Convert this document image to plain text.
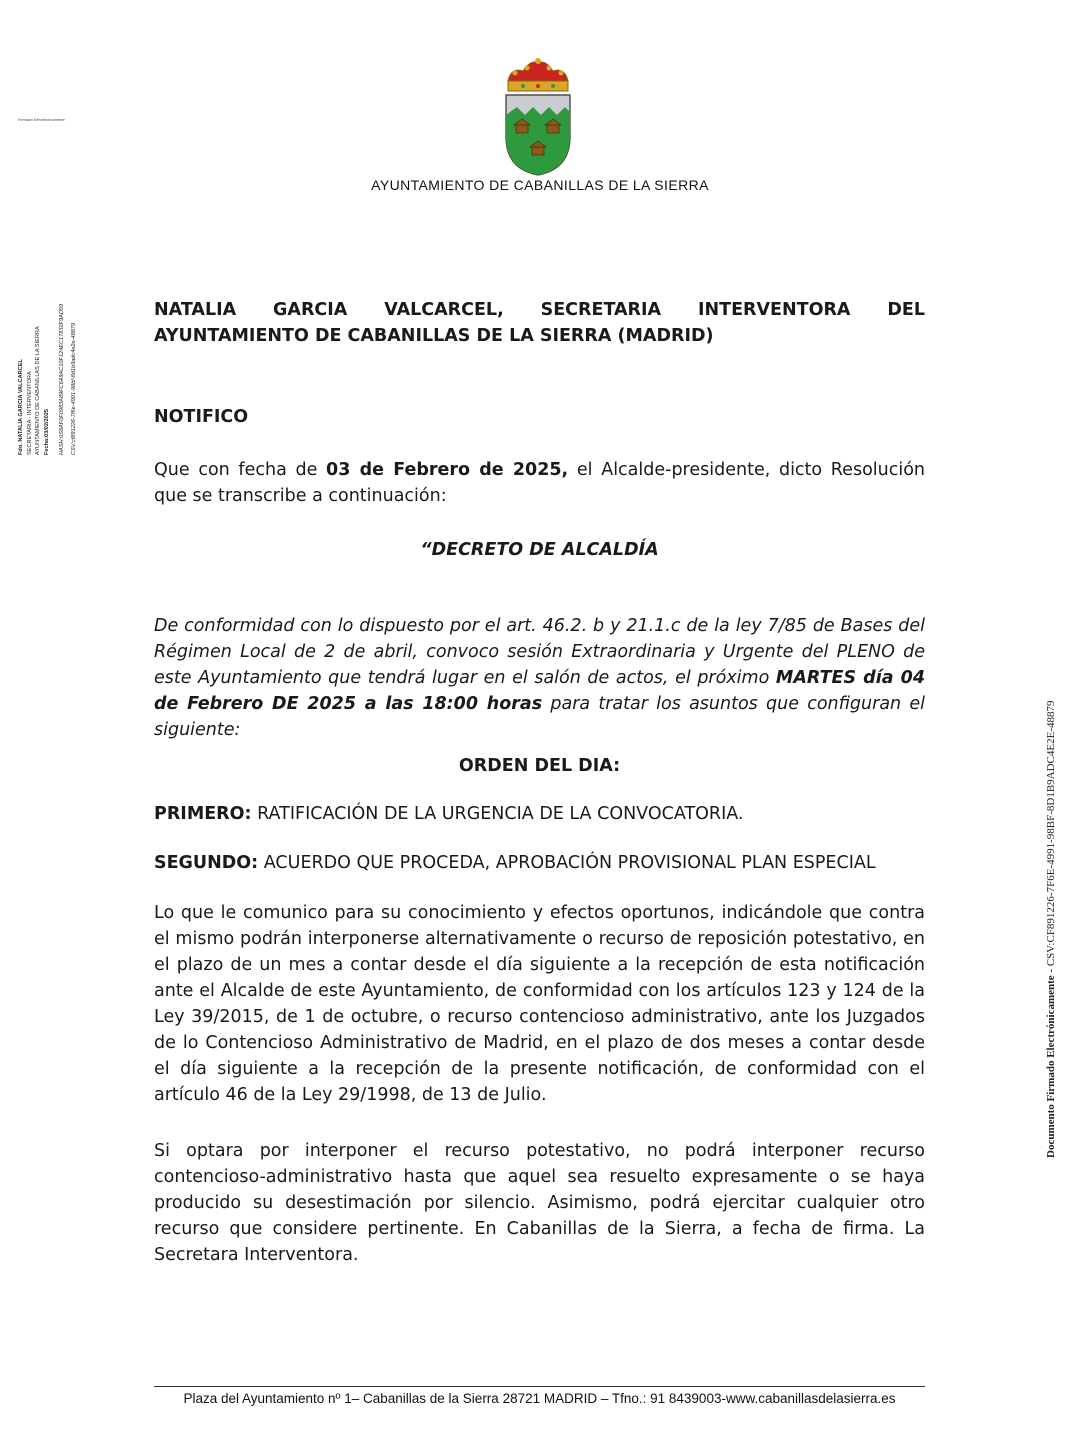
Firmado Electrónicamente
Fdo. NATALIA GARCIA VALCARCEL SECRETARIA - INTERVENTORA AYUNTAMIENTO DE CABANILLAS DE LA SIERRA Fecha:03/02/2025 HASH:0S8AF0F0983A89FC6A9AC10F124EC17832F9AD59 CSV:cf891226-7f6e-4991-98bf-8d1b9adc4e2e-48879
Documento Firmado Electrónicamente - CSV:CF891226-7F6E-4991-98BF-8D1B9ADC4E2E-48879
AYUNTAMIENTO DE CABANILLAS DE LA SIERRA
NATALIA GARCIA VALCARCEL, SECRETARIA INTERVENTORA DEL AYUNTAMIENTO DE CABANILLAS DE LA SIERRA (MADRID)
NOTIFICO
Que con fecha de 03 de Febrero de 2025, el Alcalde-presidente, dicto Resolución que se transcribe a continuación:
“DECRETO DE ALCALDÍA
De conformidad con lo dispuesto por el art. 46.2. b y 21.1.c de la ley 7/85 de Bases del Régimen Local de 2 de abril, convoco sesión Extraordinaria y Urgente del PLENO de este Ayuntamiento que tendrá lugar en el salón de actos, el próximo MARTES día 04 de Febrero DE 2025 a las 18:00 horas para tratar los asuntos que configuran el siguiente:
ORDEN DEL DIA:
PRIMERO: RATIFICACIÓN DE LA URGENCIA DE LA CONVOCATORIA.
SEGUNDO: ACUERDO QUE PROCEDA, APROBACIÓN PROVISIONAL PLAN ESPECIAL
Lo que le comunico para su conocimiento y efectos oportunos, indicándole que contra el mismo podrán interponerse alternativamente o recurso de reposición potestativo, en el plazo de un mes a contar desde el día siguiente a la recepción de esta notificación ante el Alcalde de este Ayuntamiento, de conformidad con los artículos 123 y 124 de la Ley 39/2015, de 1 de octubre, o recurso contencioso administrativo, ante los Juzgados de lo Contencioso Administrativo de Madrid, en el plazo de dos meses a contar desde el día siguiente a la recepción de la presente notificación, de conformidad con el artículo 46 de la Ley 29/1998, de 13 de Julio.
Si optara por interponer el recurso potestativo, no podrá interponer recurso contencioso-administrativo hasta que aquel sea resuelto expresamente o se haya producido su desestimación por silencio. Asimismo, podrá ejercitar cualquier otro recurso que considere pertinente. En Cabanillas de la Sierra, a fecha de firma. La Secretara Interventora.
Plaza del Ayuntamiento nº 1– Cabanillas de la Sierra 28721 MADRID – Tfno.: 91 8439003-www.cabanillasdelasierra.es
